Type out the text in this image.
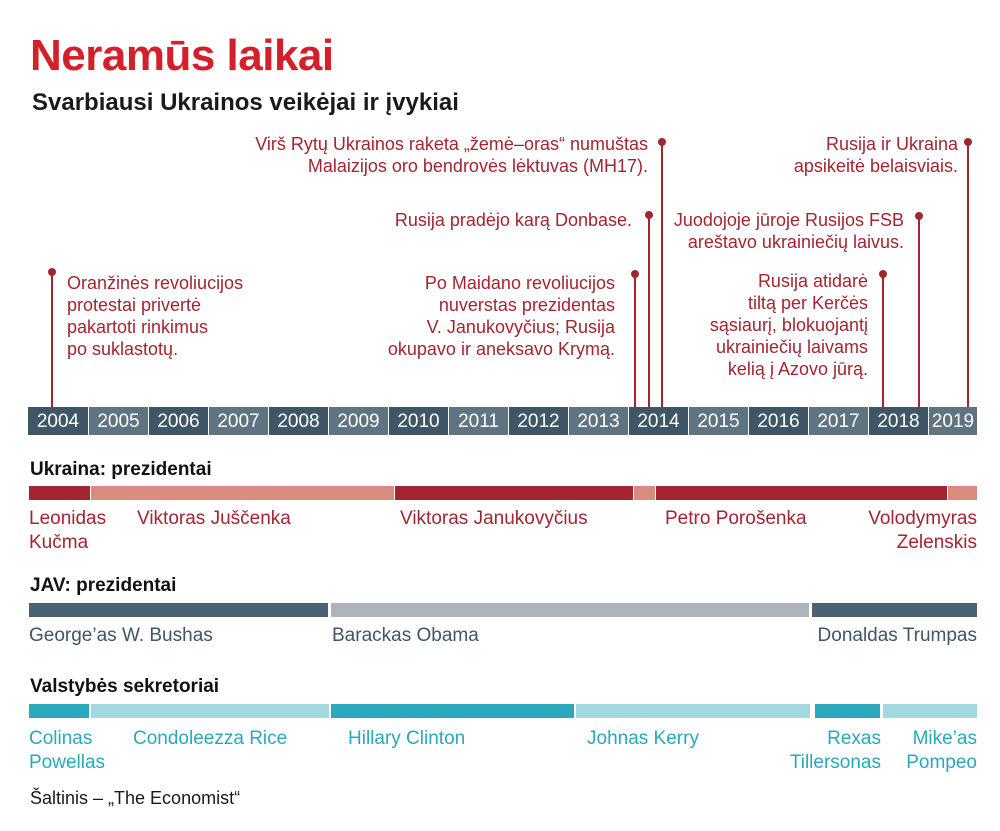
Neramūs laikai
Svarbiausi Ukrainos veikėjai ir įvykiai
Oranžinės revoliucijos
protestai privertė
pakartoti rinkimus
po suklastotų.
Po Maidano revoliucijos
nuverstas prezidentas
V. Janukovyčius; Rusija
okupavo ir aneksavo Krymą.
Rusija pradėjo karą Donbase.
Virš Rytų Ukrainos raketa „žemė–oras“ numuštas
Malaizijos oro bendrovės lėktuvas (MH17).
Rusija atidarė
tiltą per Kerčės
sąsiaurį, blokuojantį
ukrainiečių laivams
kelią į Azovo jūrą.
Juodojoje jūroje Rusijos FSB
areštavo ukrainiečių laivus.
Rusija ir Ukraina
apsikeitė belaisviais.
2004 2005 2006 2007 2008 2009 2010 2011 2012 2013 2014 2015 2016 2017 2018 2019
Ukraina: prezidentai
Leonidas
Kučma
Viktoras Juščenka	Viktoras Janukovyčius	Petro Porošenka	Volodymyras
Zelenskis
JAV: prezidentai
George’as W. Bushas	Barackas Obama	Donaldas Trumpas
Valstybės sekretoriai
Colinas
Powellas
Condoleezza Rice	Hillary Clinton	Johnas Kerry	Rexas
Tillersonas
Mike’as
Pompeo
Šaltinis – „The Economist“
